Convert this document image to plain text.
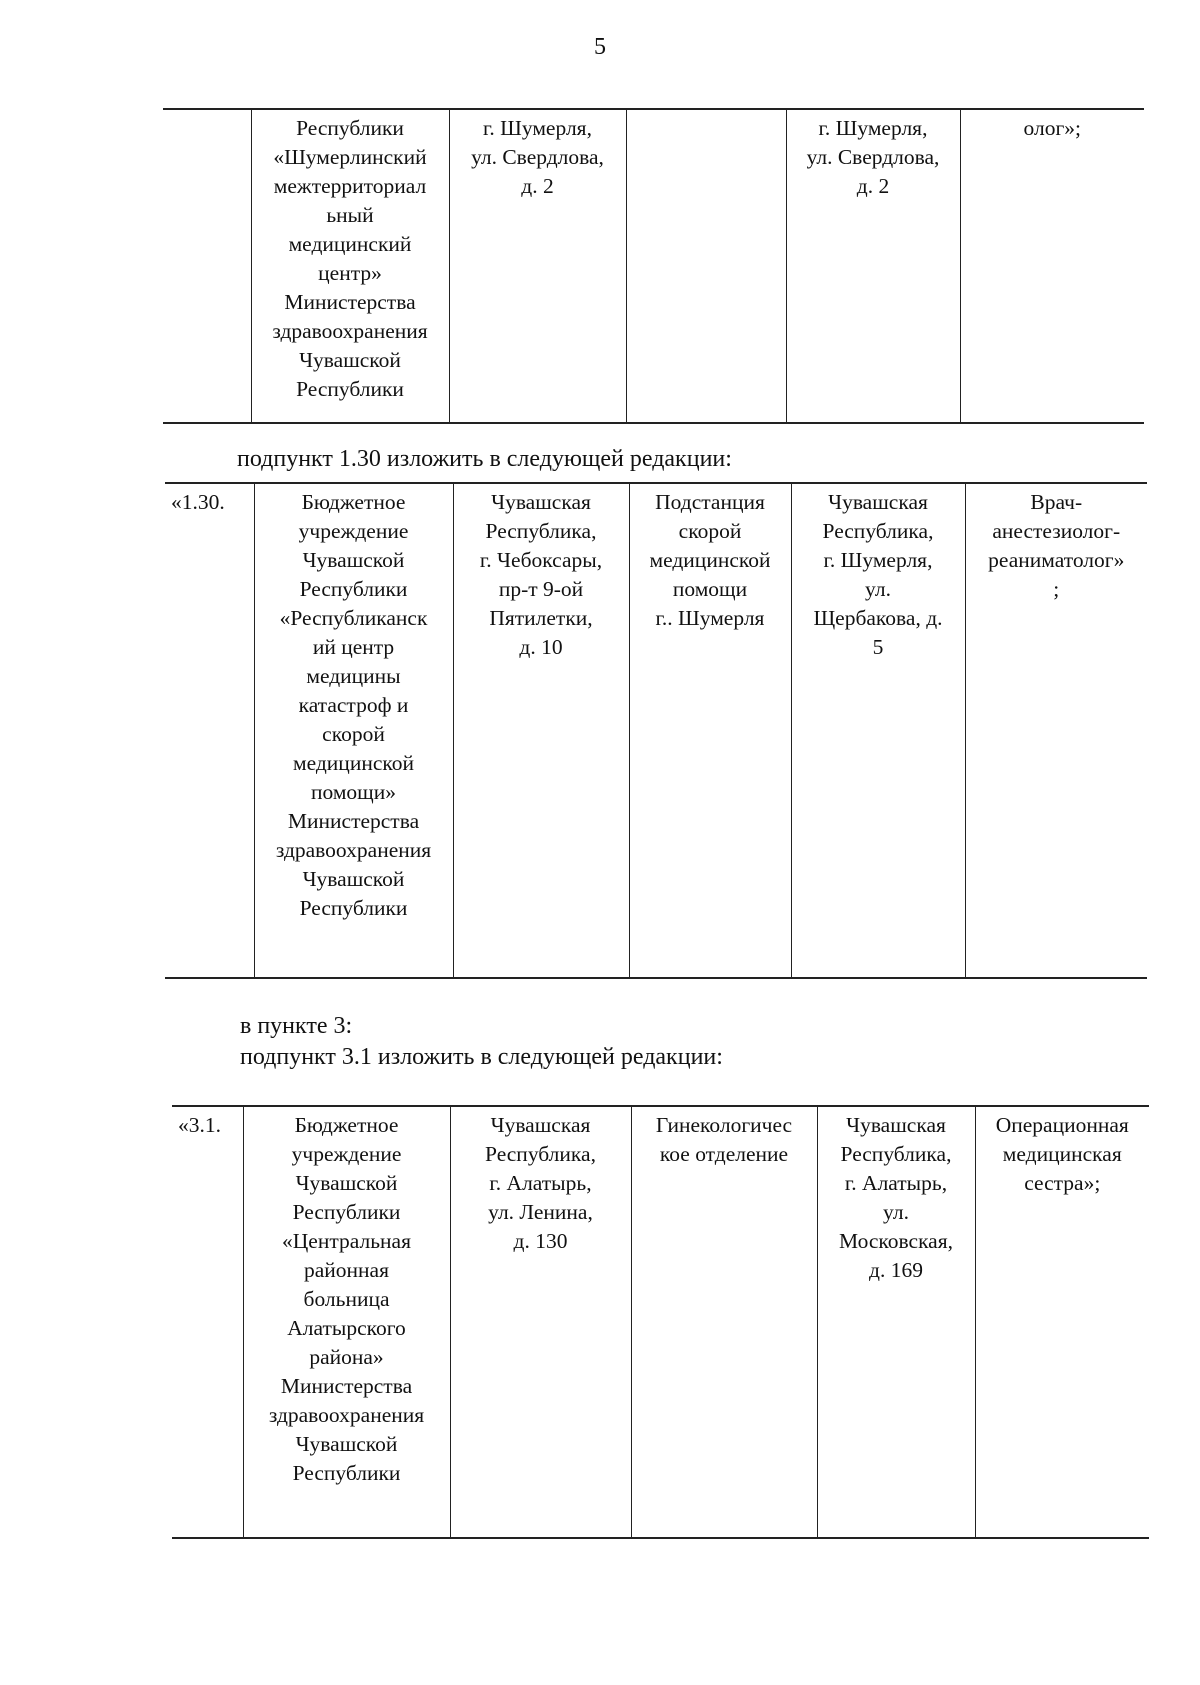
5
	Республики
«Шумерлинский
межтерриториал
ьный
медицинский
центр»
Министерства
здравоохранения
Чувашской
Республики	г. Шумерля,
ул. Свердлова,
д. 2		г. Шумерля,
ул. Свердлова,
д. 2	олог»;
подпункт 1.30 изложить в следующей редакции:
«1.30.	Бюджетное
учреждение
Чувашской
Республики
«Республиканск
ий центр
медицины
катастроф и
скорой
медицинской
помощи»
Министерства
здравоохранения
Чувашской
Республики	Чувашская
Республика,
г. Чебоксары,
пр-т 9-ой
Пятилетки,
д. 10	Подстанция
скорой
медицинской
помощи
г.. Шумерля	Чувашская
Республика,
г. Шумерля,
ул.
Щербакова, д.
5	Врач-
анестезиолог-
реаниматолог»
;
в пункте 3:
подпункт 3.1 изложить в следующей редакции:
«3.1.	Бюджетное
учреждение
Чувашской
Республики
«Центральная
районная
больница
Алатырского
района»
Министерства
здравоохранения
Чувашской
Республики	Чувашская
Республика,
г. Алатырь,
ул. Ленина,
д. 130	Гинекологичес
кое отделение	Чувашская
Республика,
г. Алатырь,
ул.
Московская,
д. 169	Операционная
медицинская
сестра»;
